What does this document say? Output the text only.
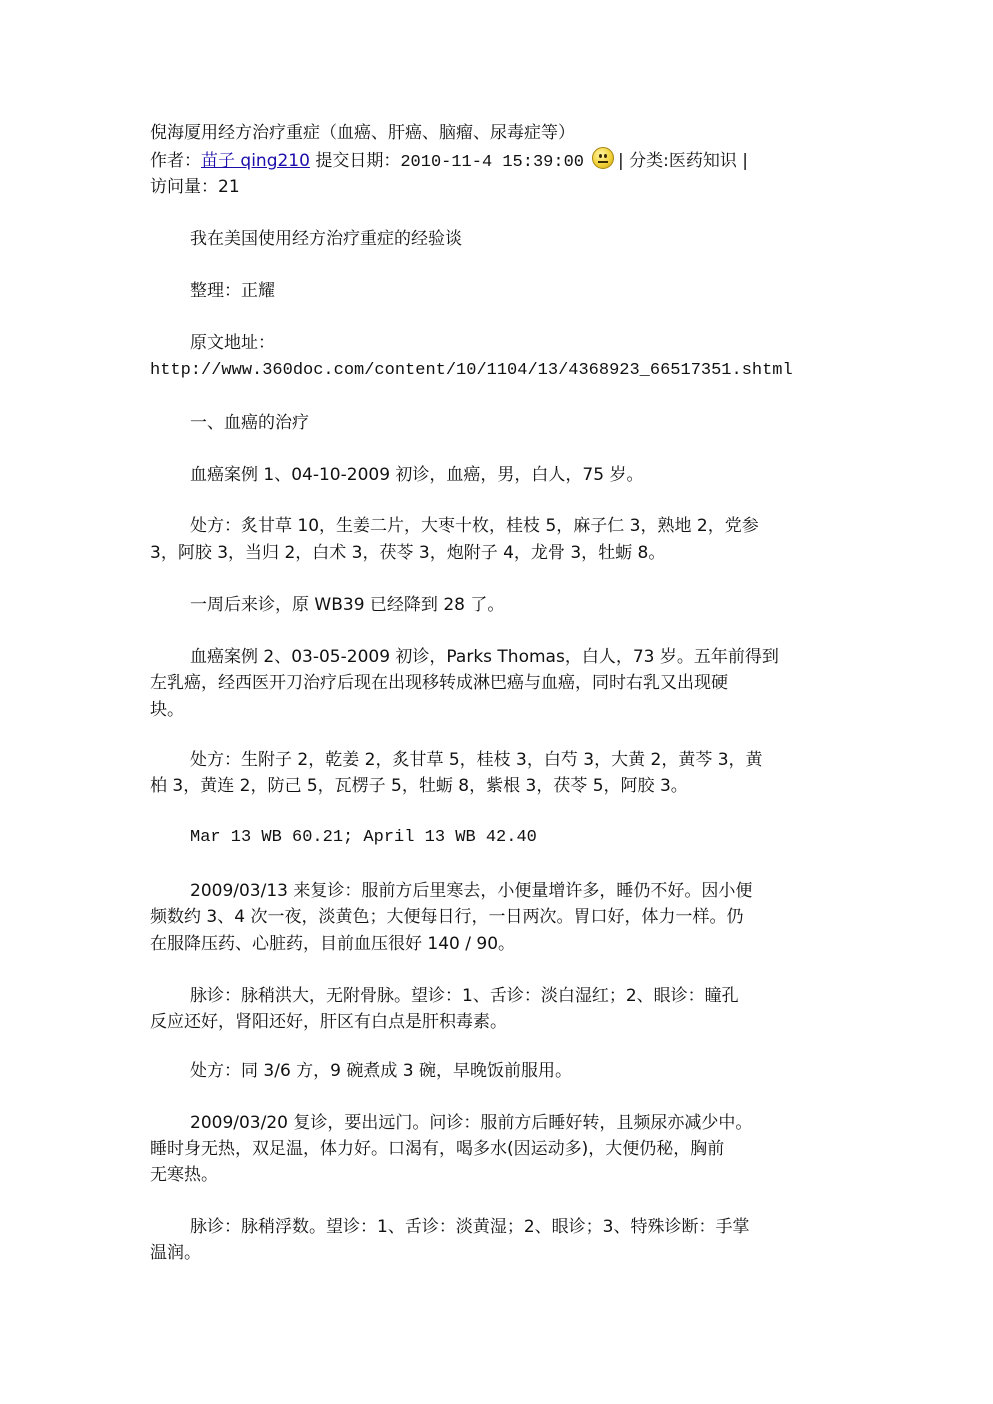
倪海厦用经方治疗重症（血癌、肝癌、脑瘤、尿毒症等）
作者：苗子 qing210 提交日期：2010-11-4 15:39:00 | 分类:医药知识 |
访问量：21
我在美国使用经方治疗重症的经验谈
整理：正耀
原文地址：
http://www.360doc.com/content/10/1104/13/4368923_66517351.shtml
一、血癌的治疗
血癌案例 1、04-10-2009 初诊，血癌，男，白人，75 岁。
处方：炙甘草 10，生姜二片，大枣十枚，桂枝 5，麻子仁 3，熟地 2，党参
3，阿胶 3，当归 2，白术 3，茯苓 3，炮附子 4，龙骨 3，牡蛎 8。
一周后来诊，原 WB39 已经降到 28 了。
血癌案例 2、03-05-2009 初诊，Parks Thomas，白人，73 岁。五年前得到
左乳癌，经西医开刀治疗后现在出现移转成淋巴癌与血癌，同时右乳又出现硬
块。
处方：生附子 2，乾姜 2，炙甘草 5，桂枝 3，白芍 3，大黄 2，黄芩 3，黄
柏 3，黄连 2，防己 5，瓦楞子 5，牡蛎 8，紫根 3，茯苓 5，阿胶 3。
Mar 13 WB 60.21; April 13 WB 42.40
2009/03/13 来复诊：服前方后里寒去，小便量增许多，睡仍不好。因小便
频数约 3、4 次一夜，淡黄色；大便每日行，一日两次。胃口好，体力一样。仍
在服降压药、心脏药，目前血压很好 140 / 90。
脉诊：脉稍洪大，无附骨脉。望诊：1、舌诊：淡白湿红；2、眼诊：瞳孔
反应还好，肾阳还好，肝区有白点是肝积毒素。
处方：同 3/6 方，9 碗煮成 3 碗，早晚饭前服用。
2009/03/20 复诊，要出远门。问诊：服前方后睡好转，且频尿亦减少中。
睡时身无热，双足温，体力好。口渴有，喝多水(因运动多)，大便仍秘，胸前
无寒热。
脉诊：脉稍浮数。望诊：1、舌诊：淡黄湿；2、眼诊；3、特殊诊断：手掌
温润。
